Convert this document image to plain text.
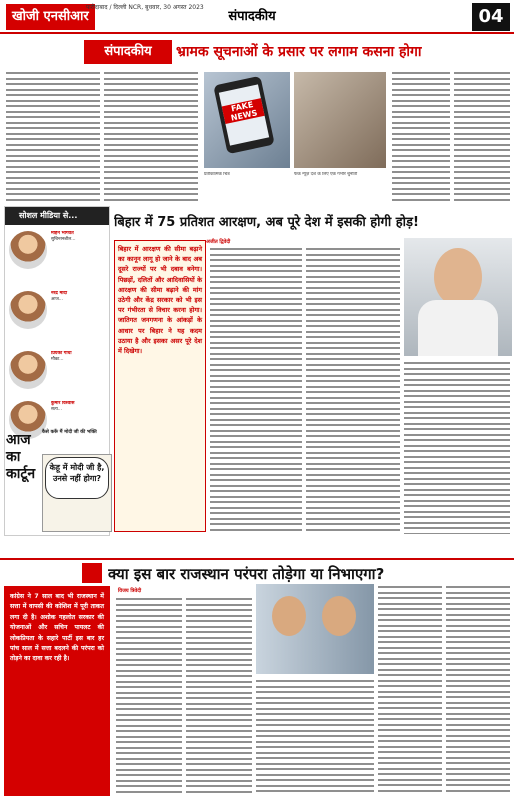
खोजी एनसीआर
फरीदाबाद / दिल्ली NCR, बुधवार, 30 अगस्त 2023
संपादकीय	04
संपादकीय	भ्रामक सूचनाओं के प्रसार पर लगाम कसना होगा
FAKE NEWS
प्रतीकात्मक चित्र	फेक न्यूज़ देश के लिए एक गंभीर चुनौती
सोशल मीडिया से...
मोहन भागवत
सुचिन्तनशील...
नरेंद्र मोदी
आज...
प्रियंका गांधी
मौका...
कुमार विश्वास
सत्य...
आज का कार्टून
कैसे करूँ मैं मोदी जी की भक्ति
केहू में मोदी जी है, उनसे नहीं होगा?
बिहार में 75 प्रतिशत आरक्षण, अब पूरे देश में इसकी होगी होड़!
अजीत द्विवेदी
बिहार में आरक्षण की सीमा बढ़ाने का कानून लागू हो जाने के बाद अब दूसरे राज्यों पर भी दबाव बनेगा। पिछड़ों, दलितों और आदिवासियों के आरक्षण की सीमा बढ़ाने की मांग उठेगी और केंद्र सरकार को भी इस पर गंभीरता से विचार करना होगा। जातिगत जनगणना के आंकड़ों के आधार पर बिहार ने यह कदम उठाया है और इसका असर पूरे देश में दिखेगा।
क्या इस बार राजस्थान परंपरा तोड़ेगा या निभाएगा?
कांग्रेस ने 7 साल बाद भी राजस्थान में सत्ता में वापसी की कोशिश में पूरी ताकत लगा दी है। अशोक गहलोत सरकार की योजनाओं और सचिन पायलट की लोकप्रियता के सहारे पार्टी इस बार हर पांच साल में सत्ता बदलने की परंपरा को तोड़ने का दावा कर रही है।
विजय त्रिवेदी
